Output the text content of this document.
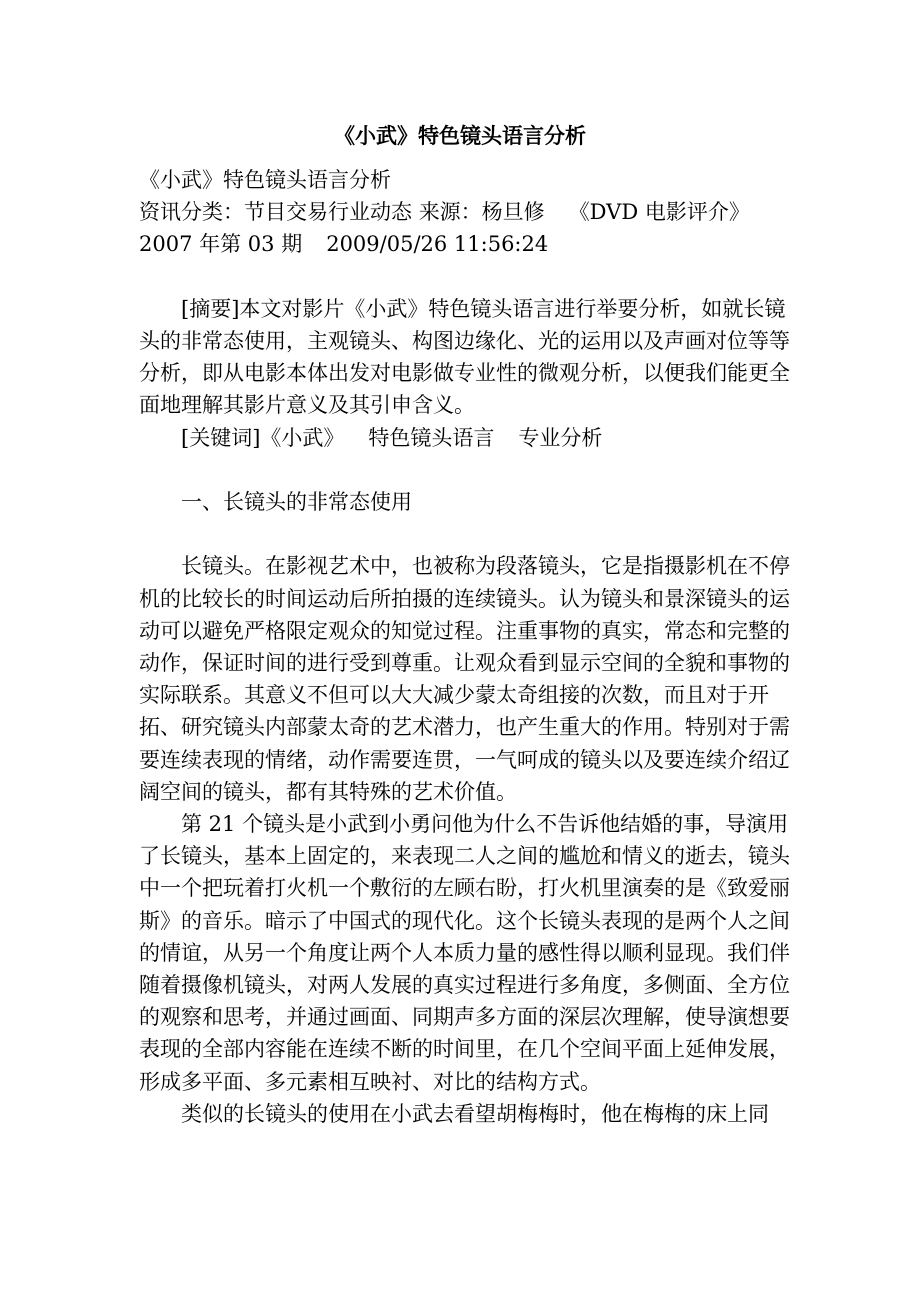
《小武》特色镜头语言分析

《小武》特色镜头语言分析

资讯分类：节目交易行业动态 来源：杨旦修 《DVD 电影评介》 2007 年第 03 期 2009/05/26 11:56:24

[摘要]本文对影片《小武》特色镜头语言进行举要分析，如就长镜头的非常态使用，主观镜头、构图边缘化、光的运用以及声画对位等等分析，即从电影本体出发对电影做专业性的微观分析，以便我们能更全面地理解其影片意义及其引申含义。

[关键词]《小武》 特色镜头语言 专业分析

一、长镜头的非常态使用

长镜头。在影视艺术中，也被称为段落镜头，它是指摄影机在不停机的比较长的时间运动后所拍摄的连续镜头。认为镜头和景深镜头的运动可以避免严格限定观众的知觉过程。注重事物的真实，常态和完整的动作，保证时间的进行受到尊重。让观众看到显示空间的全貌和事物的实际联系。其意义不但可以大大减少蒙太奇组接的次数，而且对于开拓、研究镜头内部蒙太奇的艺术潜力，也产生重大的作用。特别对于需要连续表现的情绪，动作需要连贯，一气呵成的镜头以及要连续介绍辽阔空间的镜头，都有其特殊的艺术价值。

第 21 个镜头是小武到小勇问他为什么不告诉他结婚的事，导演用了长镜头，基本上固定的，来表现二人之间的尴尬和情义的逝去，镜头中一个把玩着打火机一个敷衍的左顾右盼，打火机里演奏的是《致爱丽斯》的音乐。暗示了中国式的现代化。这个长镜头表现的是两个人之间的情谊，从另一个角度让两个人本质力量的感性得以顺利显现。我们伴随着摄像机镜头，对两人发展的真实过程进行多角度，多侧面、全方位的观察和思考，并通过画面、同期声多方面的深层次理解，使导演想要表现的全部内容能在连续不断的时间里，在几个空间平面上延伸发展，形成多平面、多元素相互映衬、对比的结构方式。

类似的长镜头的使用在小武去看望胡梅梅时，他在梅梅的床上同
